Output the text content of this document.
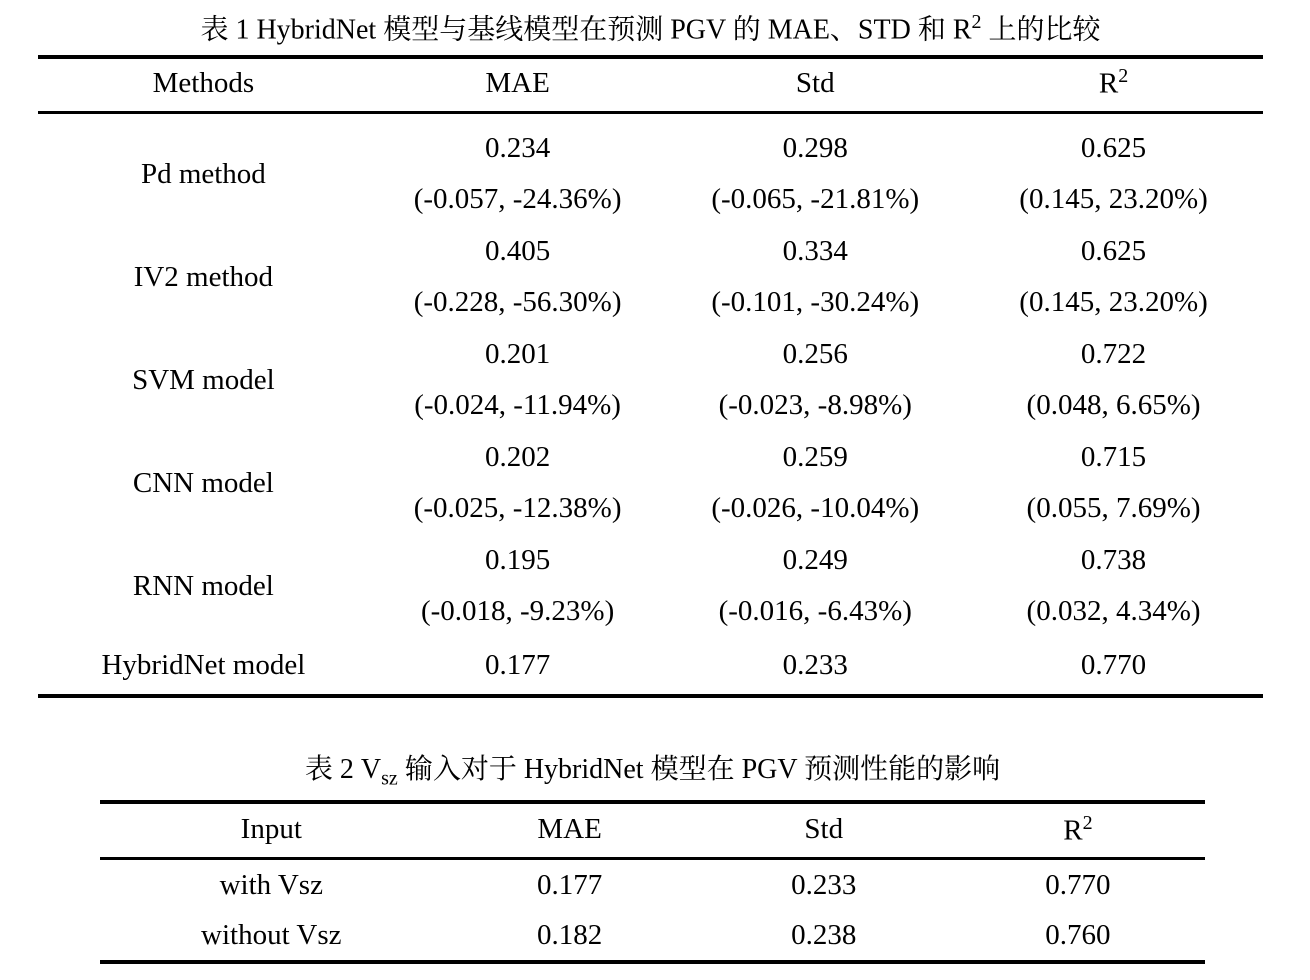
表 1 HybridNet 模型与基线模型在预测 PGV 的 MAE、STD 和 $R^2$ 上的比较
Methods	MAE	Std	$R^2$
Pd method	0.234	0.298	0.625
	(-0.057, -24.36%)	(-0.065, -21.81%)	(0.145, 23.20%)
IV2 method	0.405	0.334	0.625
	(-0.228, -56.30%)	(-0.101, -30.24%)	(0.145, 23.20%)
SVM model	0.201	0.256	0.722
	(-0.024, -11.94%)	(-0.023, -8.98%)	(0.048, 6.65%)
CNN model	0.202	0.259	0.715
	(-0.025, -12.38%)	(-0.026, -10.04%)	(0.055, 7.69%)
RNN model	0.195	0.249	0.738
	(-0.018, -9.23%)	(-0.016, -6.43%)	(0.032, 4.34%)
HybridNet model	0.177	0.233	0.770
表 2 $V_{sz}$ 输入对于 HybridNet 模型在 PGV 预测性能的影响
Input	MAE	Std	$R^2$
with Vsz	0.177	0.233	0.770
without Vsz	0.182	0.238	0.760
